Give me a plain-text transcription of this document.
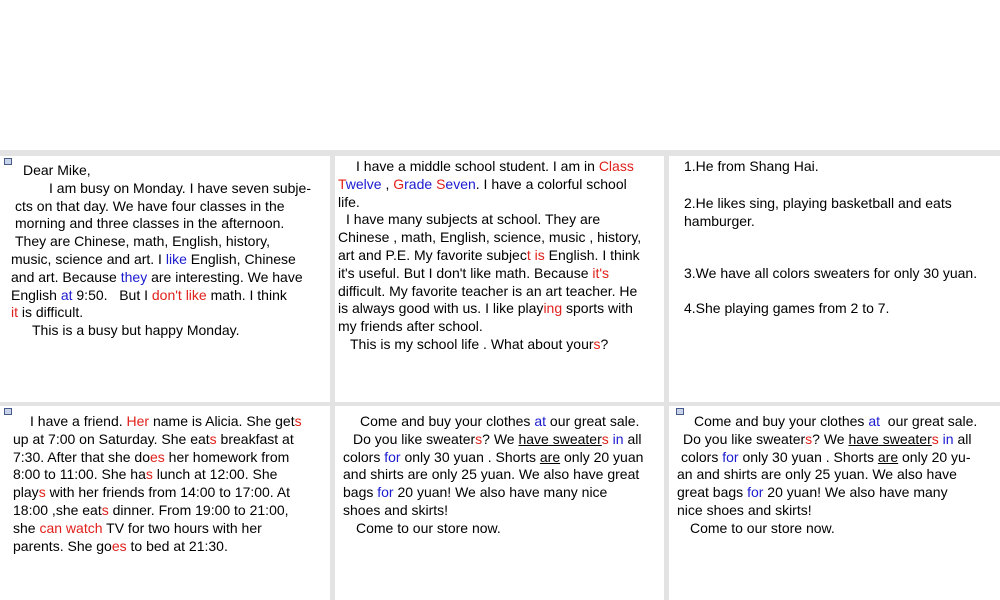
Dear Mike,
I am busy on Monday. I have seven subje-
cts on that day. We have four classes in the
morning and three classes in the afternoon.
They are Chinese, math, English, history,
music, science and art. I like English, Chinese
and art. Because they are interesting. We have
English at 9:50.   But I don't like math. I think
it is difficult.
This is a busy but happy Monday.
I have a middle school student. I am in Class
Twelve , Grade Seven. I have a colorful school
life.
I have many subjects at school. They are
Chinese , math, English, science, music , history,
art and P.E. My favorite subject is English. I think
it's useful. But I don't like math. Because it's
difficult. My favorite teacher is an art teacher. He
is always good with us. I like playing sports with
my friends after school.
This is my school life . What about yours?
1.He from Shang Hai.
2.He likes sing, playing basketball and eats
hamburger.
3.We have all colors sweaters for only 30 yuan.
4.She playing games from 2 to 7.
I have a friend. Her name is Alicia. She gets
up at 7:00 on Saturday. She eats breakfast at
7:30. After that she does her homework from
8:00 to 11:00. She has lunch at 12:00. She
plays with her friends from 14:00 to 17:00. At
18:00 ,she eats dinner. From 19:00 to 21:00,
she can watch TV for two hours with her
parents. She goes to bed at 21:30.
Come and buy your clothes at our great sale.
Do you like sweaters? We have sweaters in all
colors for only 30 yuan . Shorts are only 20 yuan
and shirts are only 25 yuan. We also have great
bags for 20 yuan! We also have many nice
shoes and skirts!
Come to our store now.
Come and buy your clothes at  our great sale.
Do you like sweaters? We have sweaters in all
colors for only 30 yuan . Shorts are only 20 yu-
an and shirts are only 25 yuan. We also have
great bags for 20 yuan! We also have many
nice shoes and skirts!
Come to our store now.
